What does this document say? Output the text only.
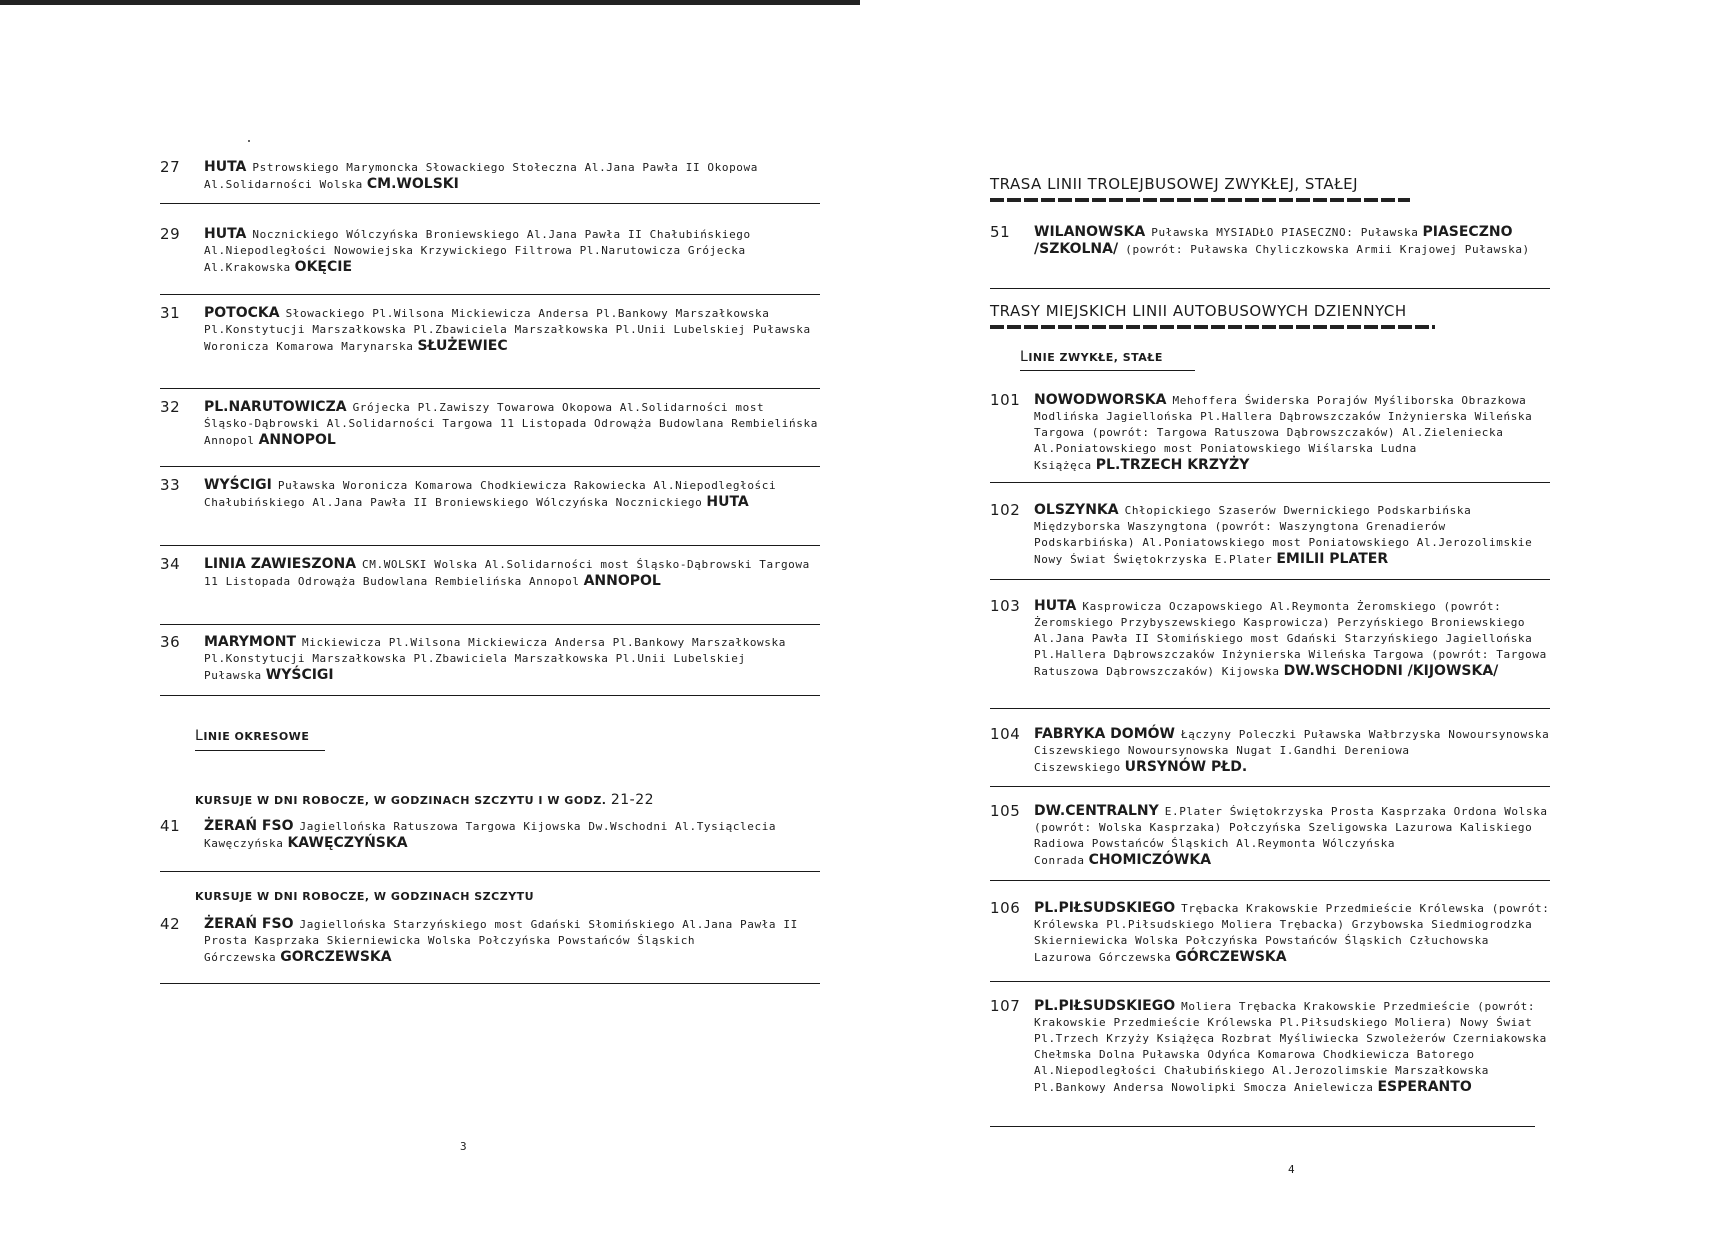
27 HUTA Pstrowskiego Marymoncka Słowackiego Stołeczna Al.Jana Pawła II Okopowa Al.Solidarności Wolska CM.WOLSKI
29 HUTA Nocznickiego Wólczyńska Broniewskiego Al.Jana Pawła II Chałubińskiego Al.Niepodległości Nowowiejska Krzywickiego Filtrowa Pl.Narutowicza Grójecka Al.Krakowska OKĘCIE
31 POTOCKA Słowackiego Pl.Wilsona Mickiewicza Andersa Pl.Bankowy Marszałkowska Pl.Konstytucji Marszałkowska Pl.Zbawiciela Marszałkowska Pl.Unii Lubelskiej Puławska Woronicza Komarowa Marynarska SŁUŻEWIEC
32 PL.NARUTOWICZA Grójecka Pl.Zawiszy Towarowa Okopowa Al.Solidarności most Śląsko-Dąbrowski Al.Solidarności Targowa 11 Listopada Odrowąża Budowlana Rembielińska Annopol ANNOPOL
33 WYŚCIGI Puławska Woronicza Komarowa Chodkiewicza Rakowiecka Al.Niepodległości Chałubińskiego Al.Jana Pawła II Broniewskiego Wólczyńska Nocznickiego HUTA
34 LINIA ZAWIESZONA CM.WOLSKI Wolska Al.Solidarności most Śląsko-Dąbrowski Targowa 11 Listopada Odrowąża Budowlana Rembielińska Annopol ANNOPOL
36 MARYMONT Mickiewicza Pl.Wilsona Mickiewicza Andersa Pl.Bankowy Marszałkowska Pl.Konstytucji Marszałkowska Pl.Zbawiciela Marszałkowska Pl.Unii Lubelskiej Puławska WYŚCIGI
LINIE OKRESOWE
KURSUJE W DNI ROBOCZE, W GODZINACH SZCZYTU I W GODZ. 21-22
41 ŻERAŃ FSO Jagiellońska Ratuszowa Targowa Kijowska Dw.Wschodni Al.Tysiąclecia Kawęczyńska KAWĘCZYŃSKA
KURSUJE W DNI ROBOCZE, W GODZINACH SZCZYTU
42 ŻERAŃ FSO Jagiellońska Starzyńskiego most Gdański Słomińskiego Al.Jana Pawła II Prosta Kasprzaka Skierniewicka Wolska Połczyńska Powstańców Śląskich Górczewska GORCZEWSKA
3
TRASA LINII TROLEJBUSOWEJ ZWYKŁEJ, STAŁEJ
51 WILANOWSKA Puławska MYSIADŁO PIASECZNO: Puławska PIASECZNO /SZKOLNA/ (powrót: Puławska Chyliczkowska Armii Krajowej Puławska)
TRASY MIEJSKICH LINII AUTOBUSOWYCH DZIENNYCH
LINIE ZWYKŁE, STAŁE
101 NOWODWORSKA Mehoffera Świderska Porajów Myśliborska Obrazkowa Modlińska Jagiellońska Pl.Hallera Dąbrowszczaków Inżynierska Wileńska Targowa (powrót: Targowa Ratuszowa Dąbrowszczaków) Al.Zieleniecka Al.Poniatowskiego most Poniatowskiego Wiślarska Ludna Książęca PL.TRZECH KRZYŻY
102 OLSZYNKA Chłopickiego Szaserów Dwernickiego Podskarbińska Międzyborska Waszyngtona (powrót: Waszyngtona Grenadierów Podskarbińska) Al.Poniatowskiego most Poniatowskiego Al.Jerozolimskie Nowy Świat Świętokrzyska E.Plater EMILII PLATER
103 HUTA Kasprowicza Oczapowskiego Al.Reymonta Żeromskiego (powrót: Żeromskiego Przybyszewskiego Kasprowicza) Perzyńskiego Broniewskiego Al.Jana Pawła II Słomińskiego most Gdański Starzyńskiego Jagiellońska Pl.Hallera Dąbrowszczaków Inżynierska Wileńska Targowa (powrót: Targowa Ratuszowa Dąbrowszczaków) Kijowska DW.WSCHODNI /KIJOWSKA/
104 FABRYKA DOMÓW Łączyny Poleczki Puławska Wałbrzyska Nowoursynowska Ciszewskiego Nowoursynowska Nugat I.Gandhi Dereniowa Ciszewskiego URSYNÓW PŁD.
105 DW.CENTRALNY E.Plater Świętokrzyska Prosta Kasprzaka Ordona Wolska (powrót: Wolska Kasprzaka) Połczyńska Szeligowska Lazurowa Kaliskiego Radiowa Powstańców Śląskich Al.Reymonta Wólczyńska Conrada CHOMICZÓWKA
106 PL.PIŁSUDSKIEGO Trębacka Krakowskie Przedmieście Królewska (powrót: Królewska Pl.Piłsudskiego Moliera Trębacka) Grzybowska Siedmiogrodzka Skierniewicka Wolska Połczyńska Powstańców Śląskich Człuchowska Lazurowa Górczewska GÓRCZEWSKA
107 PL.PIŁSUDSKIEGO Moliera Trębacka Krakowskie Przedmieście (powrót: Krakowskie Przedmieście Królewska Pl.Piłsudskiego Moliera) Nowy Świat Pl.Trzech Krzyży Książęca Rozbrat Myśliwiecka Szwoleżerów Czerniakowska Chełmska Dolna Puławska Odyńca Komarowa Chodkiewicza Batorego Al.Niepodległości Chałubińskiego Al.Jerozolimskie Marszałkowska Pl.Bankowy Andersa Nowolipki Smocza Anielewicza ESPERANTO
4
